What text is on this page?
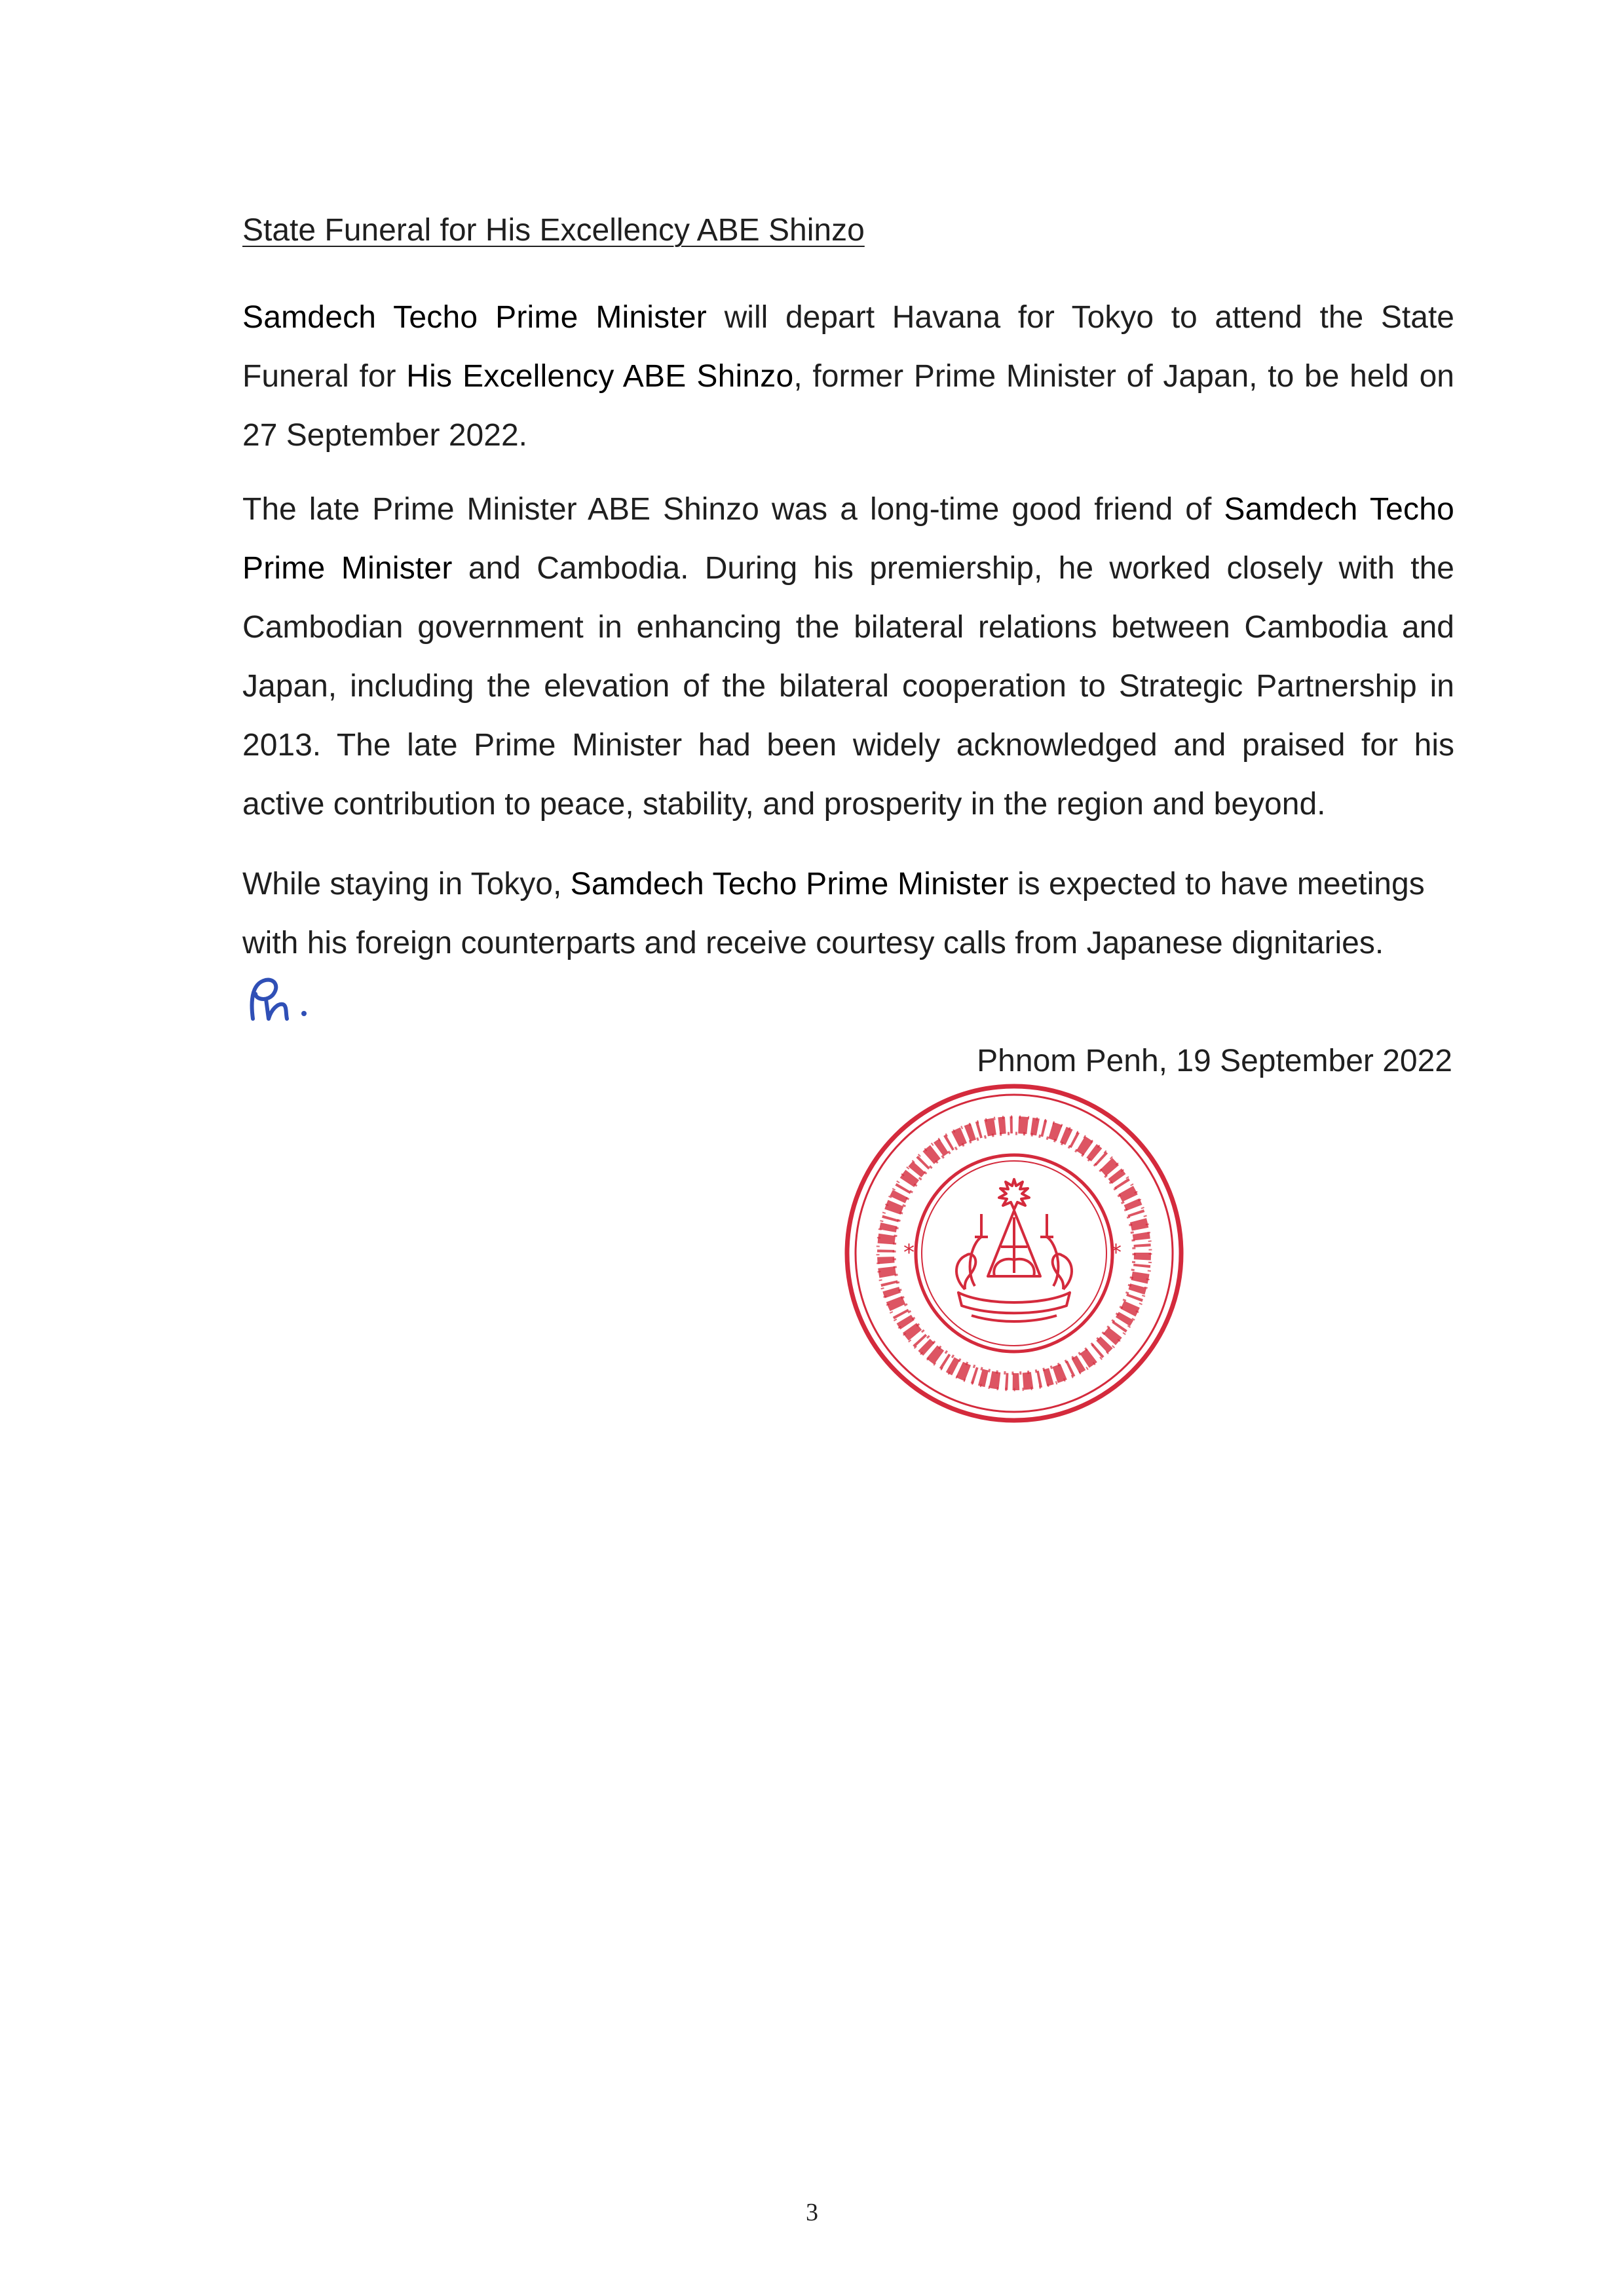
State Funeral for His Excellency ABE Shinzo

Samdech Techo Prime Minister will depart Havana for Tokyo to attend the State Funeral for His Excellency ABE Shinzo, former Prime Minister of Japan, to be held on 27 September 2022.

The late Prime Minister ABE Shinzo was a long-time good friend of Samdech Techo Prime Minister and Cambodia. During his premiership, he worked closely with the Cambodian government in enhancing the bilateral relations between Cambodia and Japan, including the elevation of the bilateral cooperation to Strategic Partnership in 2013. The late Prime Minister had been widely acknowledged and praised for his active contribution to peace, stability, and prosperity in the region and beyond.

While staying in Tokyo, Samdech Techo Prime Minister is expected to have meetings with his foreign counterparts and receive courtesy calls from Japanese dignitaries.

Phnom Penh, 19 September 2022
*	*
3
